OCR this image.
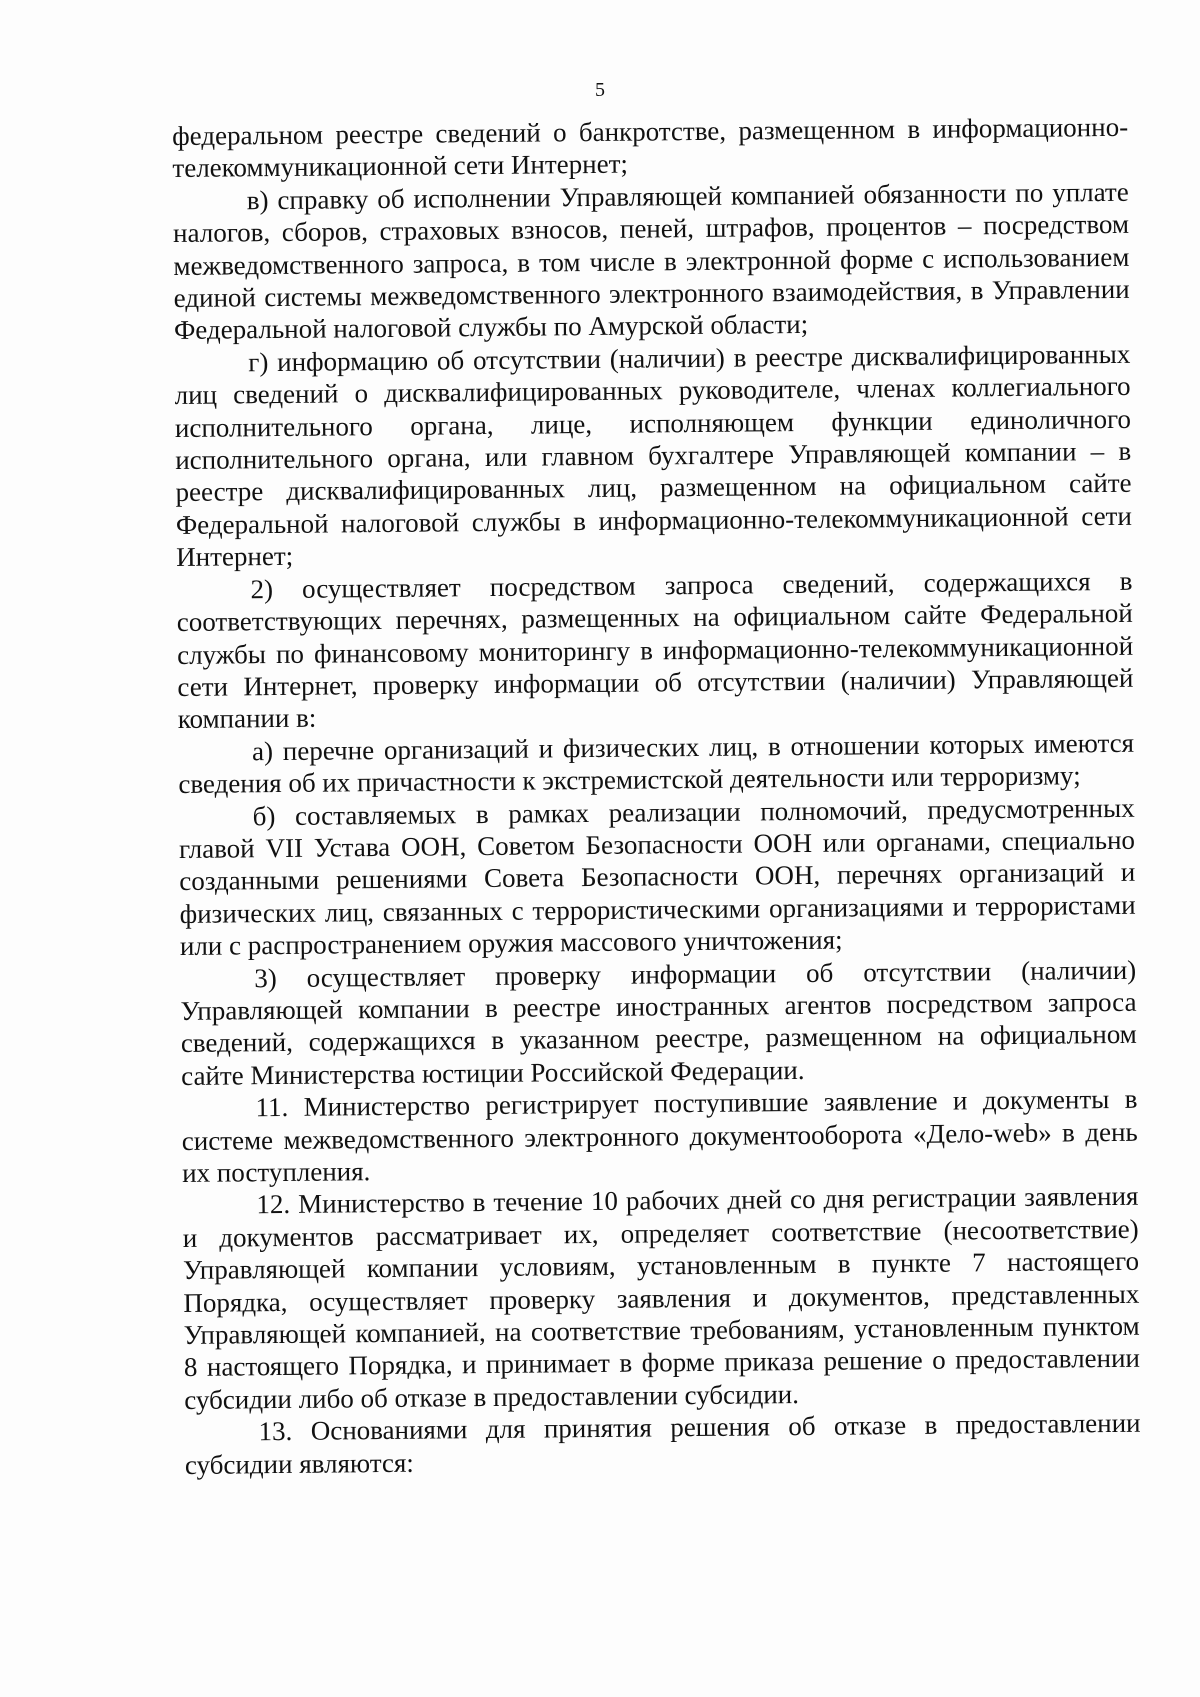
5

федеральном реестре сведений о банкротстве, размещенном в информационно-телекоммуникационной сети Интернет;

в) справку об исполнении Управляющей компанией обязанности по уплате налогов, сборов, страховых взносов, пеней, штрафов, процентов – посредством межведомственного запроса, в том числе в электронной форме с использованием единой системы межведомственного электронного взаимодействия, в Управлении Федеральной налоговой службы по Амурской области;

г) информацию об отсутствии (наличии) в реестре дисквалифицированных лиц сведений о дисквалифицированных руководителе, членах коллегиального исполнительного органа, лице, исполняющем функции единоличного исполнительного органа, или главном бухгалтере Управляющей компании – в реестре дисквалифицированных лиц, размещенном на официальном сайте Федеральной налоговой службы в информационно-телекоммуникационной сети Интернет;

2) осуществляет посредством запроса сведений, содержащихся в соответствующих перечнях, размещенных на официальном сайте Федеральной службы по финансовому мониторингу в информационно-телекоммуникационной сети Интернет, проверку информации об отсутствии (наличии) Управляющей компании в:

а) перечне организаций и физических лиц, в отношении которых имеются сведения об их причастности к экстремистской деятельности или терроризму;

б) составляемых в рамках реализации полномочий, предусмотренных главой VII Устава ООН, Советом Безопасности ООН или органами, специально созданными решениями Совета Безопасности ООН, перечнях организаций и физических лиц, связанных с террористическими организациями и террористами или с распространением оружия массового уничтожения;

3) осуществляет проверку информации об отсутствии (наличии) Управляющей компании в реестре иностранных агентов посредством запроса сведений, содержащихся в указанном реестре, размещенном на официальном сайте Министерства юстиции Российской Федерации.

11. Министерство регистрирует поступившие заявление и документы в системе межведомственного электронного документооборота «Дело-web» в день их поступления.

12. Министерство в течение 10 рабочих дней со дня регистрации заявления и документов рассматривает их, определяет соответствие (несоответствие) Управляющей компании условиям, установленным в пункте 7 настоящего Порядка, осуществляет проверку заявления и документов, представленных Управляющей компанией, на соответствие требованиям, установленным пунктом 8 настоящего Порядка, и принимает в форме приказа решение о предоставлении субсидии либо об отказе в предоставлении субсидии.

13. Основаниями для принятия решения об отказе в предоставлении субсидии являются:
